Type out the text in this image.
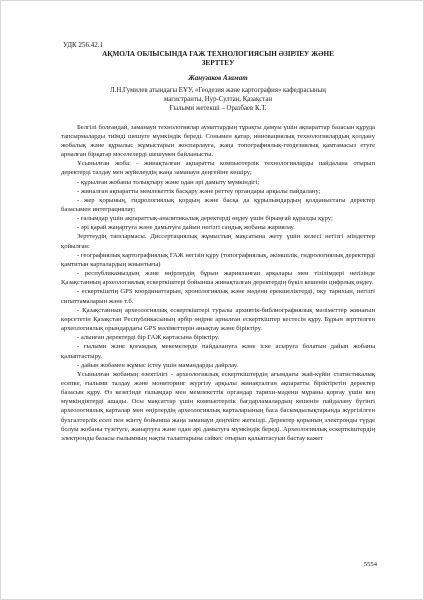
УДК 256.42.1
АҚМОЛА ОБЛЫСЫНДА ГАЖ ТЕХНОЛОГИЯСЫН ӘЗІРЛЕУ ЖӘНЕ
ЗЕРТТЕУ
Жанузаков Азамат
Л.Н.Гумилев атындағы ЕҰУ, «Геодезия және картография» кафедрасының
магистранты, Нур-Султан, Қазақстан
Ғылыми жетекші – Оразбаев К.Т.

Белгілі болғандай, заманауи технологиялар ауматтардың тұрақты дамуы үшін ақпараттар базасын құруда тапсырмаларды тиімді шешуге мүмкіндік береді. Сонымен қатар, инновациялық технологиялардың қолдану жобалық және құрылыс жұмыстарын жоспарлауға, жаңа топографиялық-геодезиялық қамтамасыз етуге арналған бірқатар мәселелерді шешумен байланысты.

Ұсынылған жоба: - жинақталған ақпаратты компьютерлік технологияларды пайдалана отырып деректерді талдау мен жүйелеудің жаңа заманауи деңгейіне көшіру;

- құрылған жобаны толықтыру және одан әрі дамыту мүмкіндігі;

- жиналған ақпаратты мемлекеттік басқару және реттеу органдары арқылы пайдалану;

- жер қорының, гидрологиялық қордың және басқа да құрылымдардың қолданыстағы деректер базасымен интеграциялау;

- ғалымдар үшін ақпараттық-аналитикалық деректерді өңдеу үшін бірыңғай құралды құру;

- әрі қарай жаңартуға және дамытуға дайын негізгі сандық жобаны жариялау.

Зерттеудің тапсырмасы. Диссертациялық жұмыстың мақсатына жету үшін келесі негізгі міндеттер қойылған:

- географиялық картографиялық ГАЖ негізін құру (топографиялық, әкімшілік, гидрологиялық деректерді қамтитын карталардың жиынтығы)

- республикамыздың және өңірлердің бұрын жарияланған арқалары мен тізілімдері негізінде Қазақстанның археологиялық ескерткіштері бойынша жинақталған деректердің бүкіл кешенін цифрлық өңдеу.

- ескерткіштің GPS координаттарын, хронологиялық және мәдени ерекшеліктерді, оқу тарихын, негізгі сипаттамаларын және т.б.

- Қазақстанның археологиялық ескерткіштері туралы архивтік-библиографиялық мәліметтер жинағын көрсететін Қазақстан Республикасының әрбір өңірне арналған ескерткіштер кестесін құру. Бұрын зерттелген археологиялық орындардағы GPS мәліметтерін анықтау және біріктіру.

- алынған деректерді бір ГАЖ картасына біріктіру.

- ғылыми және қоғамдық мекемелерде пайдалануға және іске асыруға болатын дайын жобаны қалыптастыру.

- дайын жобамен жұмыс істеу үшін мамандарды дайрлау.

Ұсынылған жобаның өзектілігі - археологиялық ескерткіштердің ағымдағы жай-күйін статистикалық есепке, ғылыми талдау және мониторинг жүргізу арқылы жинақталған ақпаратты біріктіретін деректер базасын құру. Өз кезегінде ғалымдар мен мемлекеттік органдар тарихи-мәдени мұраны қорғау үшін кең мүмкіндіктерді ашады. Осы мақсаттар үшін компьютерлік бағдарламалардың кешенін пайдалану бүгінгі археологиялық карталар мен өңірлердің археологиялық карталарының баса басымдылықтарында жүргізілген бухгалтерлік есеп пен жінтү бойынша жаңа заманауи деңгейге жеткізді. Деректер қорының электронды түрде болуы жобаны түзетуге, жанартуға және одан әрі дамытуға мүмкіндік береді. Археологиялық ескерткіштердің электронды базасы ғылымның нақты талаптарына сәйкес отырып қалыптасуын бастау кажет

5554
